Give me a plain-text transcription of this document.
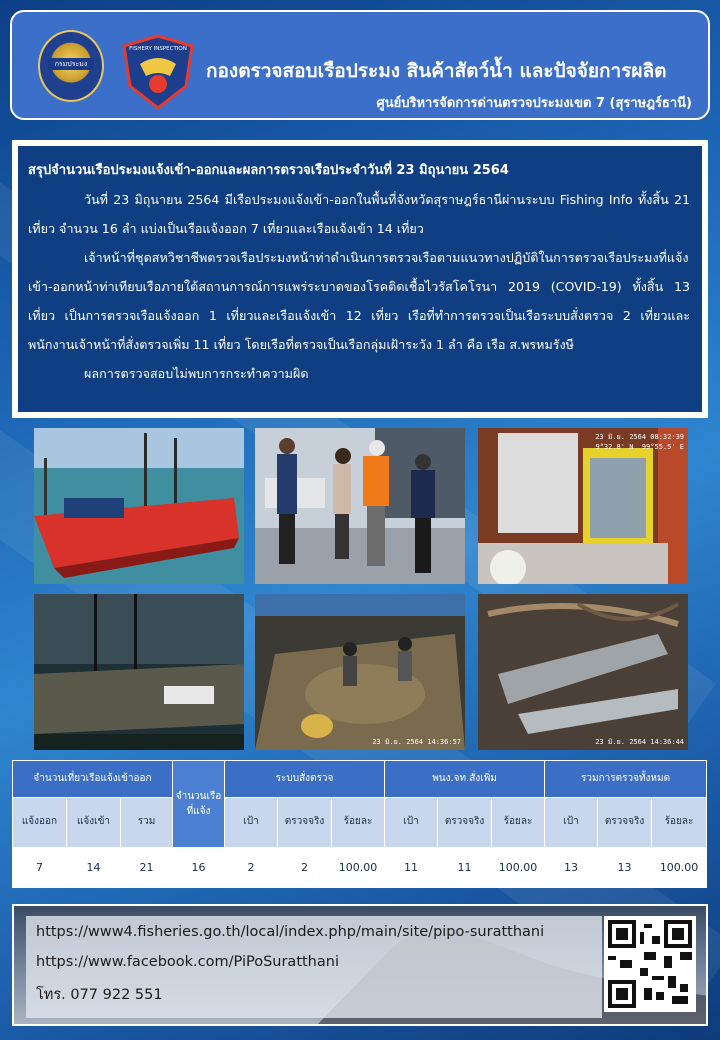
กรมประมง
FISHERY INSPECTION
กองตรวจสอบเรือประมง สินค้าสัตว์น้ำ และปัจจัยการผลิต
ศูนย์บริหารจัดการด่านตรวจประมงเขต 7 (สุราษฎร์ธานี)

สรุปจำนวนเรือประมงแจ้งเข้า-ออกและผลการตรวจเรือประจำวันที่ 23 มิถุนายน 2564

วันที่ 23 มิถุนายน 2564 มีเรือประมงแจ้งเข้า-ออกในพื้นที่จังหวัดสุราษฎร์ธานีผ่านระบบ Fishing Info ทั้งสิ้น 21 เที่ยว จำนวน 16 ลำ แบ่งเป็นเรือแจ้งออก 7 เที่ยวและเรือแจ้งเข้า 14 เที่ยว

เจ้าหน้าที่ชุดสหวิชาชีพตรวจเรือประมงหน้าท่าดำเนินการตรวจเรือตามแนวทางปฏิบัติในการตรวจเรือประมงที่แจ้งเข้า-ออกหน้าท่าเทียบเรือภายใต้สถานการณ์การแพร่ระบาดของโรคติดเชื้อไวรัสโคโรนา 2019 (COVID-19) ทั้งสิ้น 13 เที่ยว เป็นการตรวจเรือแจ้งออก 1 เที่ยวและเรือแจ้งเข้า 12 เที่ยว เรือที่ทำการตรวจเป็นเรือระบบสั่งตรวจ 2 เที่ยวและพนักงานเจ้าหน้าที่สั่งตรวจเพิ่ม 11 เที่ยว โดยเรือที่ตรวจเป็นเรือกลุ่มเฝ้าระวัง 1 ลำ คือ เรือ ส.พรหมรังษี

ผลการตรวจสอบไม่พบการกระทำความผิด

23 มิ.ย. 2564 08:32:39
9°32.8' N  99°55.5' E
23 มิ.ย. 2564 14:36:57	23 มิ.ย. 2564 14:36:44
จำนวนเที่ยวเรือแจ้งเข้าออก			จำนวนเรือที่แจ้ง	ระบบสั่งตรวจ			พนง.จท.สั่งเพิ่ม			รวมการตรวจทั้งหมด		
แจ้งออก	แจ้งเข้า	รวม		เป้า	ตรวจจริง	ร้อยละ	เป้า	ตรวจจริง	ร้อยละ	เป้า	ตรวจจริง	ร้อยละ
7	14	21	16	2	2	100.00	11	11	100.00	13	13	100.00
https://www4.fisheries.go.th/local/index.php/main/site/pipo-suratthani
https://www.facebook.com/PiPoSuratthani
โทร. 077 922 551
